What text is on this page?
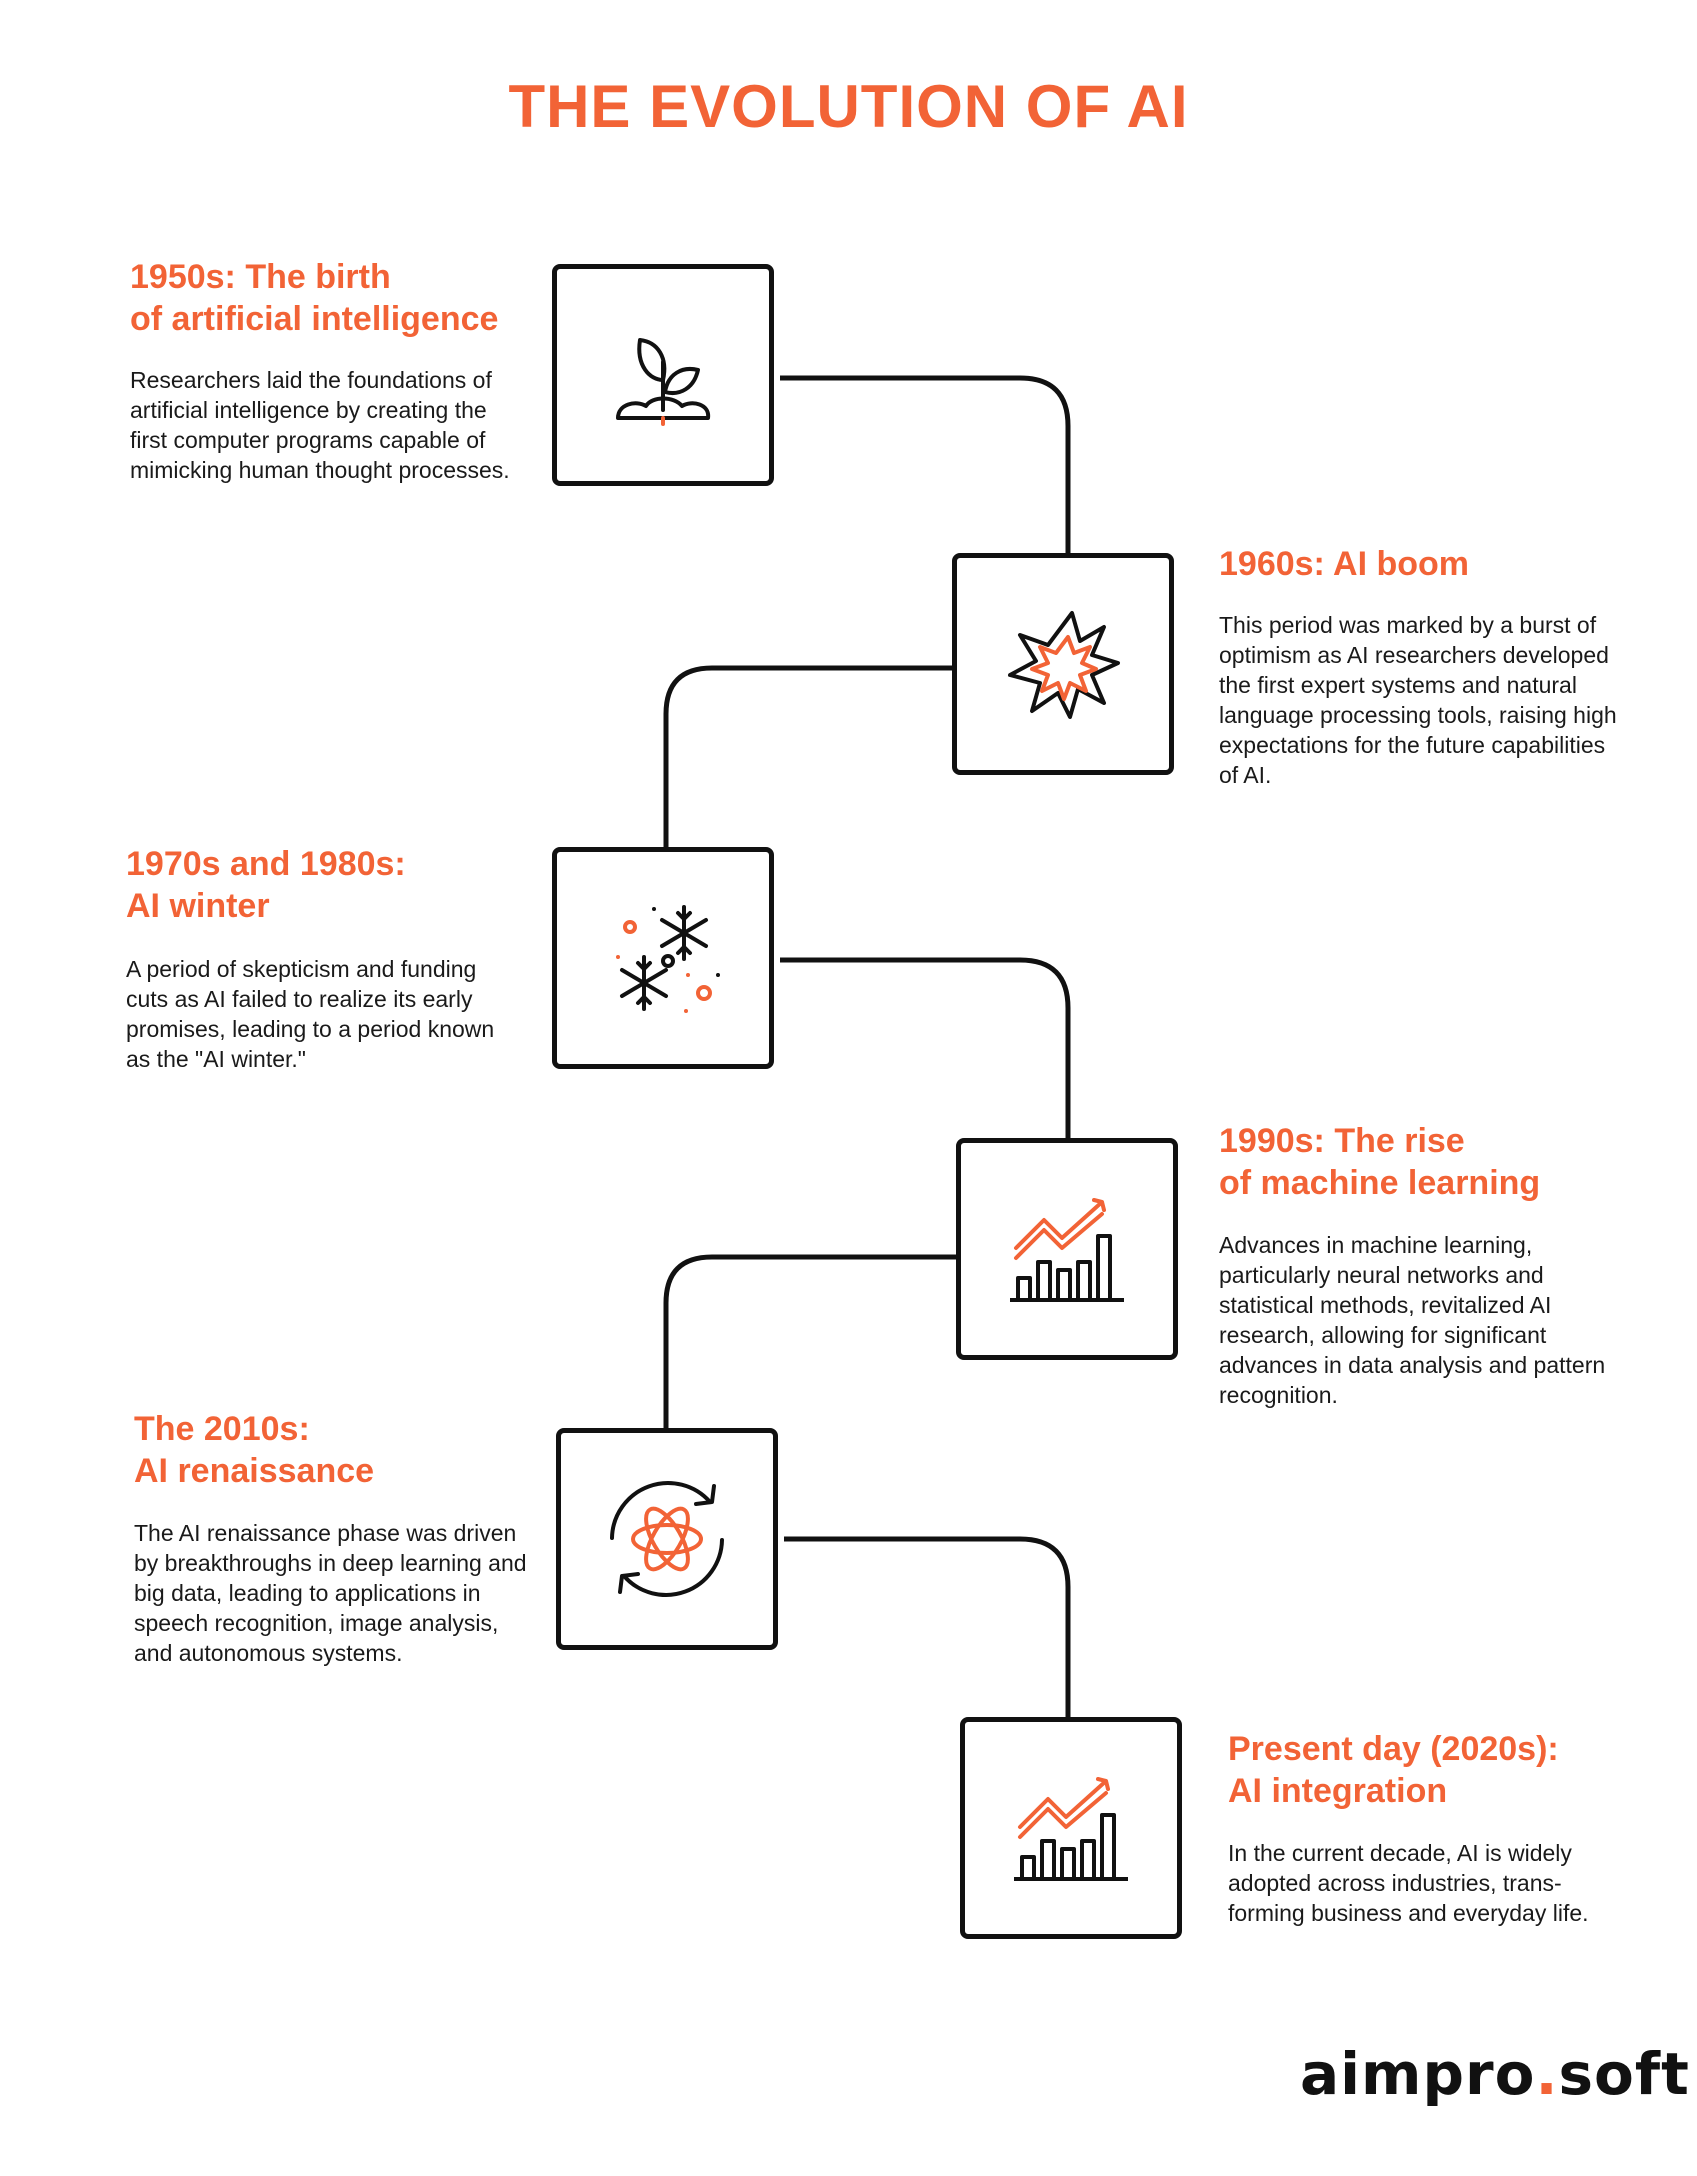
THE EVOLUTION OF AI
1950s: The birth
of artificial intelligence

Researchers laid the foundations of artificial intelligence by creating the first computer programs capable of mimicking human thought processes.

1960s: AI boom

This period was marked by a burst of optimism as AI researchers developed the first expert systems and natural language processing tools, raising high expectations for the future capabilities of AI.

1970s and 1980s:
AI winter

A period of skepticism and funding cuts as AI failed to realize its early promises, leading to a period known as the "AI winter."

1990s: The rise
of machine learning

Advances in machine learning, particularly neural networks and statistical methods, revitalized AI research, allowing for significant advances in data analysis and pattern recognition.

The 2010s:
AI renaissance

The AI renaissance phase was driven by breakthroughs in deep learning and big data, leading to applications in speech recognition, image analysis, and autonomous systems.

Present day (2020s):
AI integration

In the current decade, AI is widely adopted across industries, trans-forming business and everyday life.

aimpro.soft
